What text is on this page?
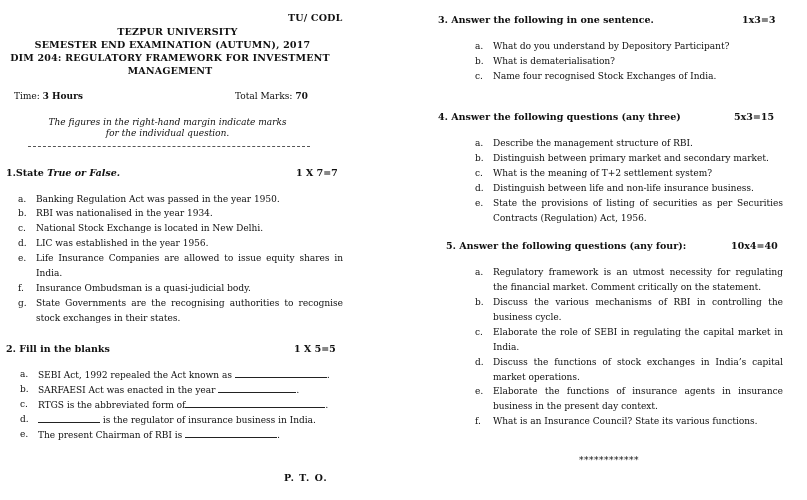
TU/ CODL
TEZPUR UNIVERSITY
SEMESTER END EXAMINATION (AUTUMN), 2017
DIM 204: REGULATORY FRAMEWORK FOR INVESTMENT
MANAGEMENT
Time: 3 Hours	Total Marks: 70
The figures in the right-hand margin indicate marks
for the individual question.
1.State True or False.	1 X 7=7
a. Banking Regulation Act was passed in the year 1950.
b. RBI was nationalised in the year 1934.
c. National Stock Exchange is located in New Delhi.
d. LIC was established in the year 1956.
e. Life Insurance Companies are allowed to issue equity shares in India.
f. Insurance Ombudsman is a quasi-judicial body.
g. State Governments are the recognising authorities to recognise stock exchanges in their states.
2. Fill in the blanks	1 X 5=5
a. SEBI Act, 1992 repealed the Act known as	.
b. SARFAESI Act was enacted in the year	.
c. RTGS is the abbreviated form of	.
d.	is the regulator of insurance business in India.
e. The present Chairman of RBI is	.
P. T. O.
3. Answer the following in one sentence.	1x3=3
a. What do you understand by Depository Participant?
b. What is dematerialisation?
c. Name four recognised Stock Exchanges of India.
4. Answer the following questions (any three)	5x3=15
a. Describe the management structure of RBI.
b. Distinguish between primary market and secondary market.
c. What is the meaning of T+2 settlement system?
d. Distinguish between life and non-life insurance business.
e. State the provisions of listing of securities as per Securities Contracts (Regulation) Act, 1956.
5. Answer the following questions (any four):	10x4=40
a. Regulatory framework is an utmost necessity for regulating the financial market. Comment critically on the statement.
b. Discuss the various mechanisms of RBI in controlling the business cycle.
c. Elaborate the role of SEBI in regulating the capital market in India.
d. Discuss the functions of stock exchanges in India’s capital market operations.
e. Elaborate the functions of insurance agents in insurance business in the present day context.
f. What is an Insurance Council? State its various functions.
************
